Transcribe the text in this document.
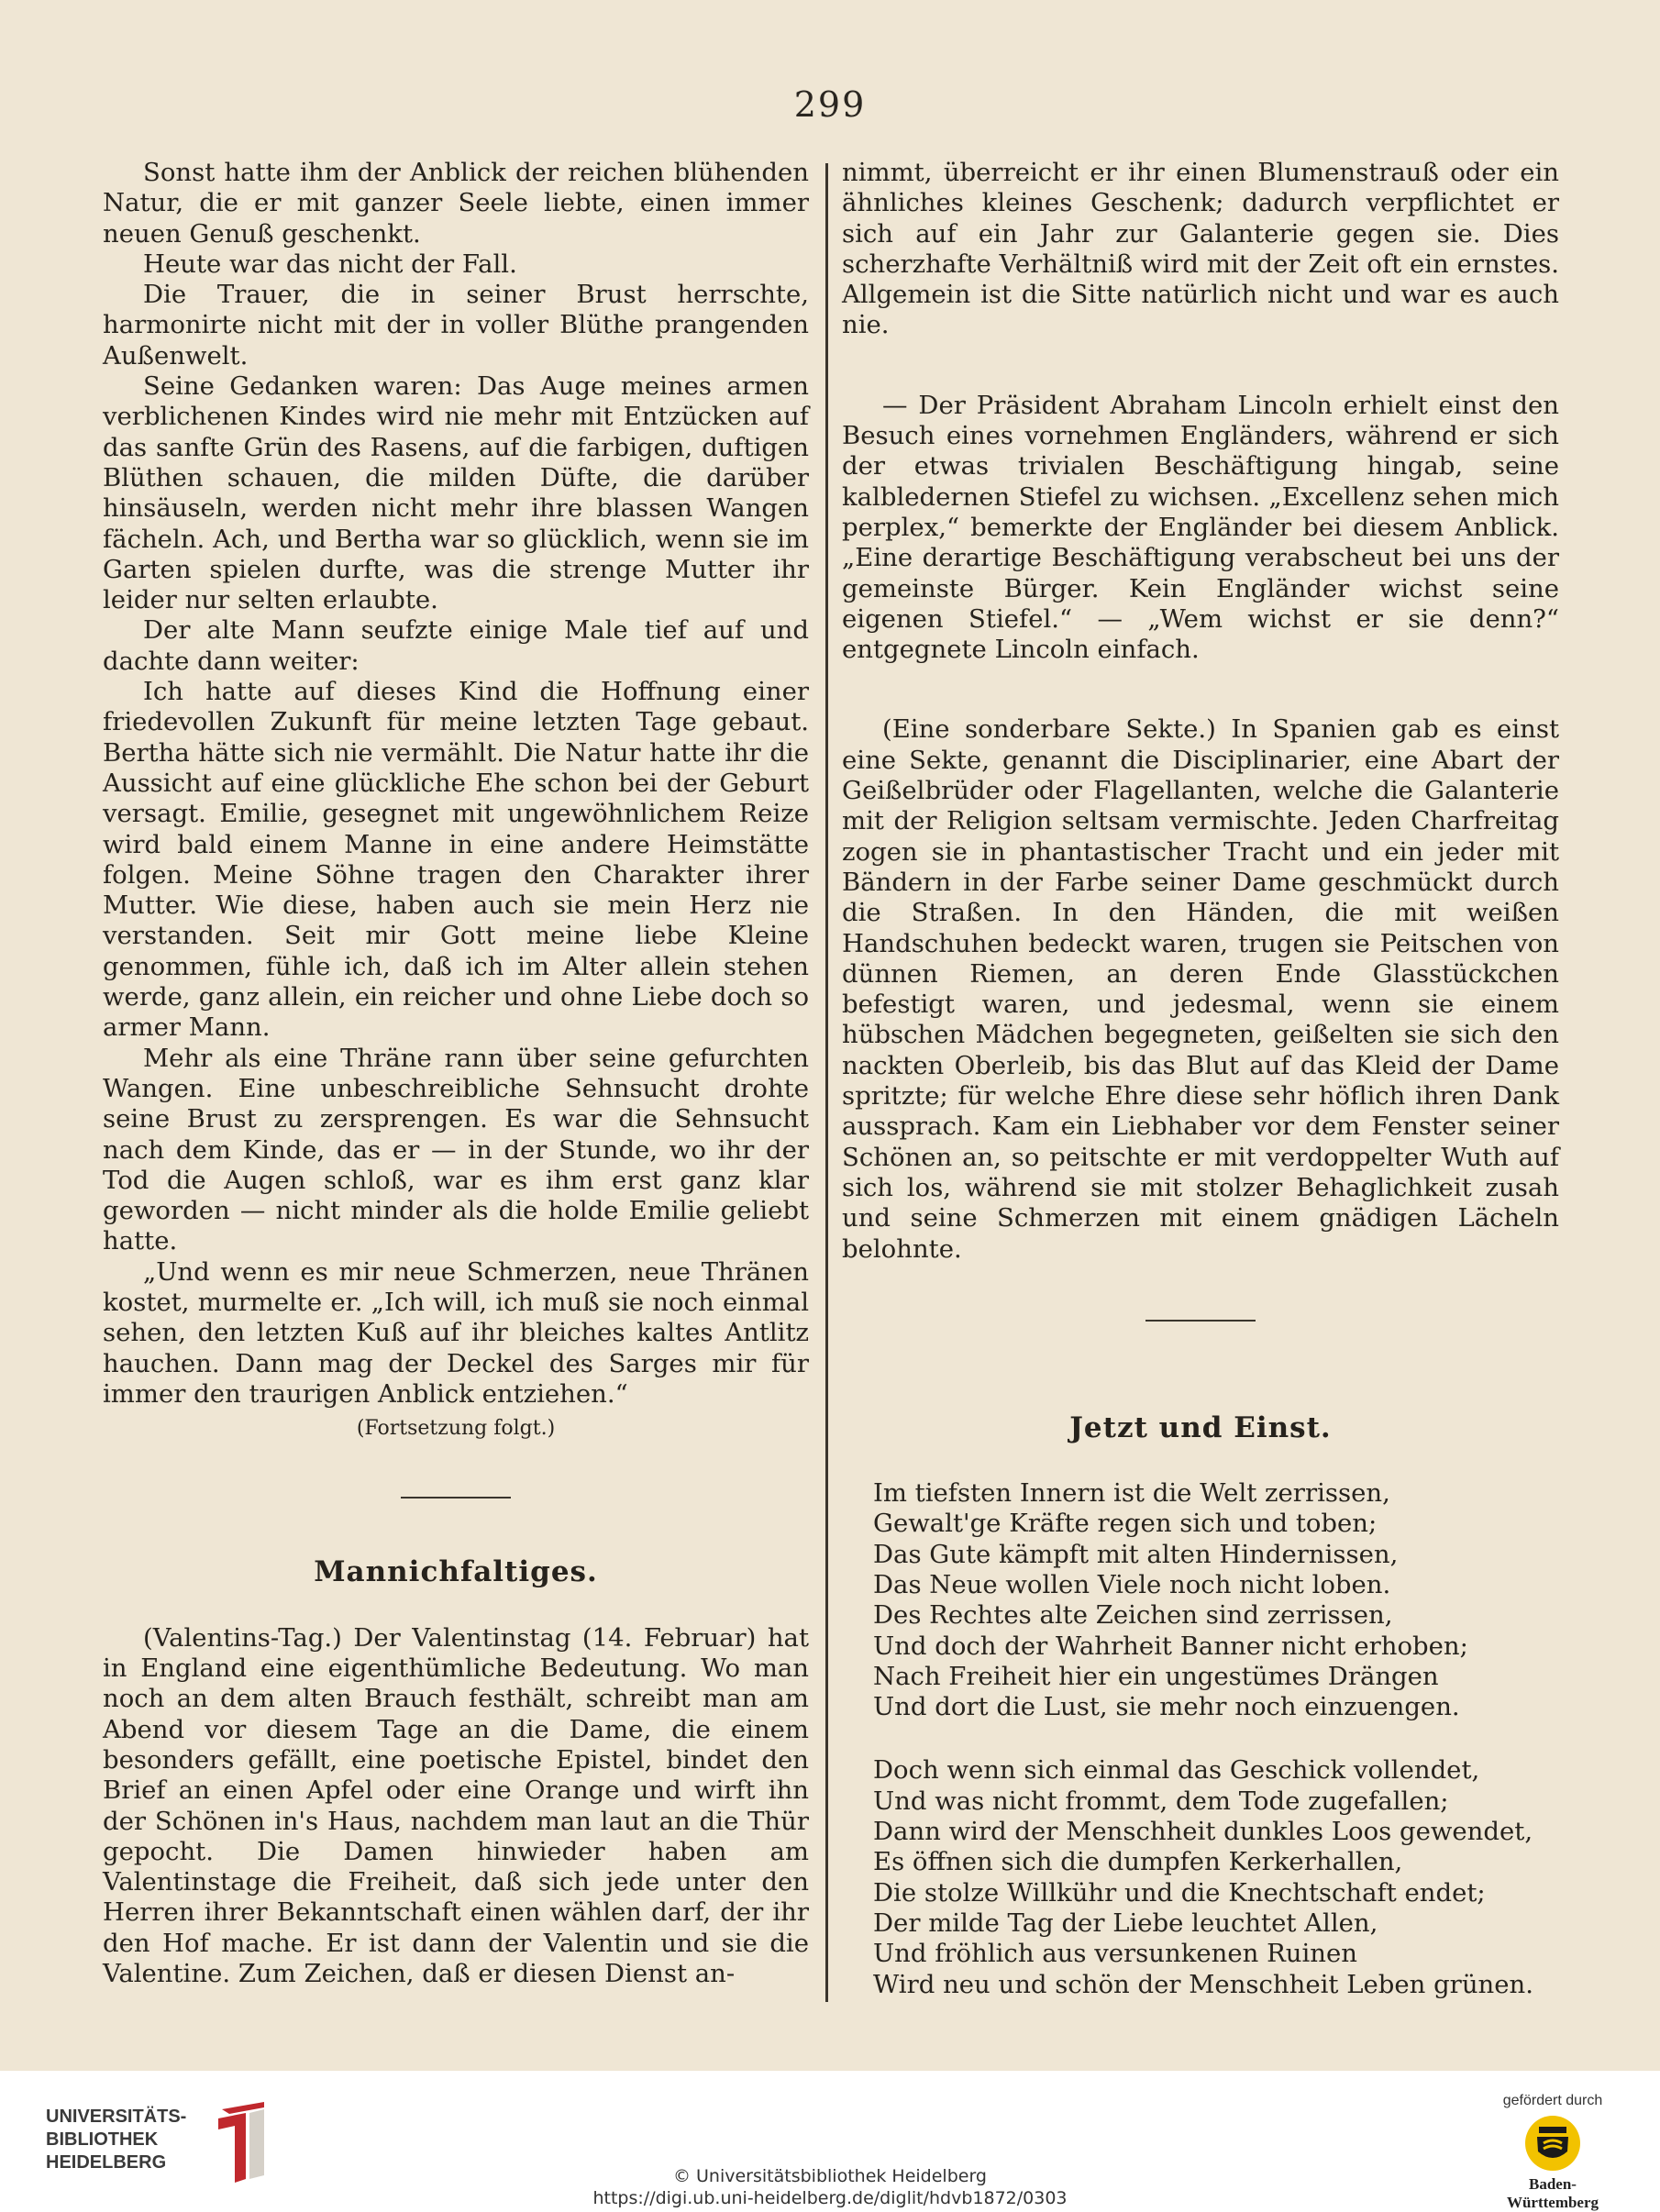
299

Sonst hatte ihm der Anblick der reichen blühenden Natur, die er mit ganzer Seele liebte, einen immer neuen Genuß geschenkt.

Heute war das nicht der Fall.

Die Trauer, die in seiner Brust herrschte, harmonirte nicht mit der in voller Blüthe prangenden Außenwelt.

Seine Gedanken waren: Das Auge meines armen verblichenen Kindes wird nie mehr mit Entzücken auf das sanfte Grün des Rasens, auf die farbigen, duftigen Blüthen schauen, die milden Düfte, die darüber hinsäuseln, werden nicht mehr ihre blassen Wangen fächeln. Ach, und Bertha war so glücklich, wenn sie im Garten spielen durfte, was die strenge Mutter ihr leider nur selten erlaubte.

Der alte Mann seufzte einige Male tief auf und dachte dann weiter:

Ich hatte auf dieses Kind die Hoffnung einer friedevollen Zukunft für meine letzten Tage gebaut. Bertha hätte sich nie vermählt. Die Natur hatte ihr die Aussicht auf eine glückliche Ehe schon bei der Geburt versagt. Emilie, gesegnet mit ungewöhnlichem Reize wird bald einem Manne in eine andere Heimstätte folgen. Meine Söhne tragen den Charakter ihrer Mutter. Wie diese, haben auch sie mein Herz nie verstanden. Seit mir Gott meine liebe Kleine genommen, fühle ich, daß ich im Alter allein stehen werde, ganz allein, ein reicher und ohne Liebe doch so armer Mann.

Mehr als eine Thräne rann über seine gefurchten Wangen. Eine unbeschreibliche Sehnsucht drohte seine Brust zu zersprengen. Es war die Sehnsucht nach dem Kinde, das er — in der Stunde, wo ihr der Tod die Augen schloß, war es ihm erst ganz klar geworden — nicht minder als die holde Emilie geliebt hatte.

„Und wenn es mir neue Schmerzen, neue Thränen kostet, murmelte er. „Ich will, ich muß sie noch einmal sehen, den letzten Kuß auf ihr bleiches kaltes Antlitz hauchen. Dann mag der Deckel des Sarges mir für immer den traurigen Anblick entziehen.“

(Fortsetzung folgt.)

Mannichfaltiges.

(Valentins-Tag.) Der Valentinstag (14. Februar) hat in England eine eigenthümliche Bedeutung. Wo man noch an dem alten Brauch festhält, schreibt man am Abend vor diesem Tage an die Dame, die einem besonders gefällt, eine poetische Epistel, bindet den Brief an einen Apfel oder eine Orange und wirft ihn der Schönen in's Haus, nachdem man laut an die Thür gepocht. Die Damen hinwieder haben am Valentinstage die Freiheit, daß sich jede unter den Herren ihrer Bekanntschaft einen wählen darf, der ihr den Hof mache. Er ist dann der Valentin und sie die Valentine. Zum Zeichen, daß er diesen Dienst an-

nimmt, überreicht er ihr einen Blumenstrauß oder ein ähnliches kleines Geschenk; dadurch verpflichtet er sich auf ein Jahr zur Galanterie gegen sie. Dies scherzhafte Verhältniß wird mit der Zeit oft ein ernstes. Allgemein ist die Sitte natürlich nicht und war es auch nie.

— Der Präsident Abraham Lincoln erhielt einst den Besuch eines vornehmen Engländers, während er sich der etwas trivialen Beschäftigung hingab, seine kalbledernen Stiefel zu wichsen. „Excellenz sehen mich perplex,“ bemerkte der Engländer bei diesem Anblick. „Eine derartige Beschäftigung verabscheut bei uns der gemeinste Bürger. Kein Engländer wichst seine eigenen Stiefel.“ — „Wem wichst er sie denn?“ entgegnete Lincoln einfach.

(Eine sonderbare Sekte.) In Spanien gab es einst eine Sekte, genannt die Disciplinarier, eine Abart der Geißelbrüder oder Flagellanten, welche die Galanterie mit der Religion seltsam vermischte. Jeden Charfreitag zogen sie in phantastischer Tracht und ein jeder mit Bändern in der Farbe seiner Dame geschmückt durch die Straßen. In den Händen, die mit weißen Handschuhen bedeckt waren, trugen sie Peitschen von dünnen Riemen, an deren Ende Glasstückchen befestigt waren, und jedesmal, wenn sie einem hübschen Mädchen begegneten, geißelten sie sich den nackten Oberleib, bis das Blut auf das Kleid der Dame spritzte; für welche Ehre diese sehr höflich ihren Dank aussprach. Kam ein Liebhaber vor dem Fenster seiner Schönen an, so peitschte er mit verdoppelter Wuth auf sich los, während sie mit stolzer Behaglichkeit zusah und seine Schmerzen mit einem gnädigen Lächeln belohnte.

Jetzt und Einst.

Im tiefsten Innern ist die Welt zerrissen,

Gewalt'ge Kräfte regen sich und toben;

Das Gute kämpft mit alten Hindernissen,

Das Neue wollen Viele noch nicht loben.

Des Rechtes alte Zeichen sind zerrissen,

Und doch der Wahrheit Banner nicht erhoben;

Nach Freiheit hier ein ungestümes Drängen

Und dort die Lust, sie mehr noch einzuengen.

Doch wenn sich einmal das Geschick vollendet,

Und was nicht frommt, dem Tode zugefallen;

Dann wird der Menschheit dunkles Loos gewendet,

Es öffnen sich die dumpfen Kerkerhallen,

Die stolze Willkühr und die Knechtschaft endet;

Der milde Tag der Liebe leuchtet Allen,

Und fröhlich aus versunkenen Ruinen

Wird neu und schön der Menschheit Leben grünen.

UNIVERSITÄTS-
BIBLIOTHEK
HEIDELBERG
© Universitätsbibliothek Heidelberg
https://digi.ub.uni-heidelberg.de/diglit/hdvb1872/0303
gefördert durch
Baden-Württemberg
